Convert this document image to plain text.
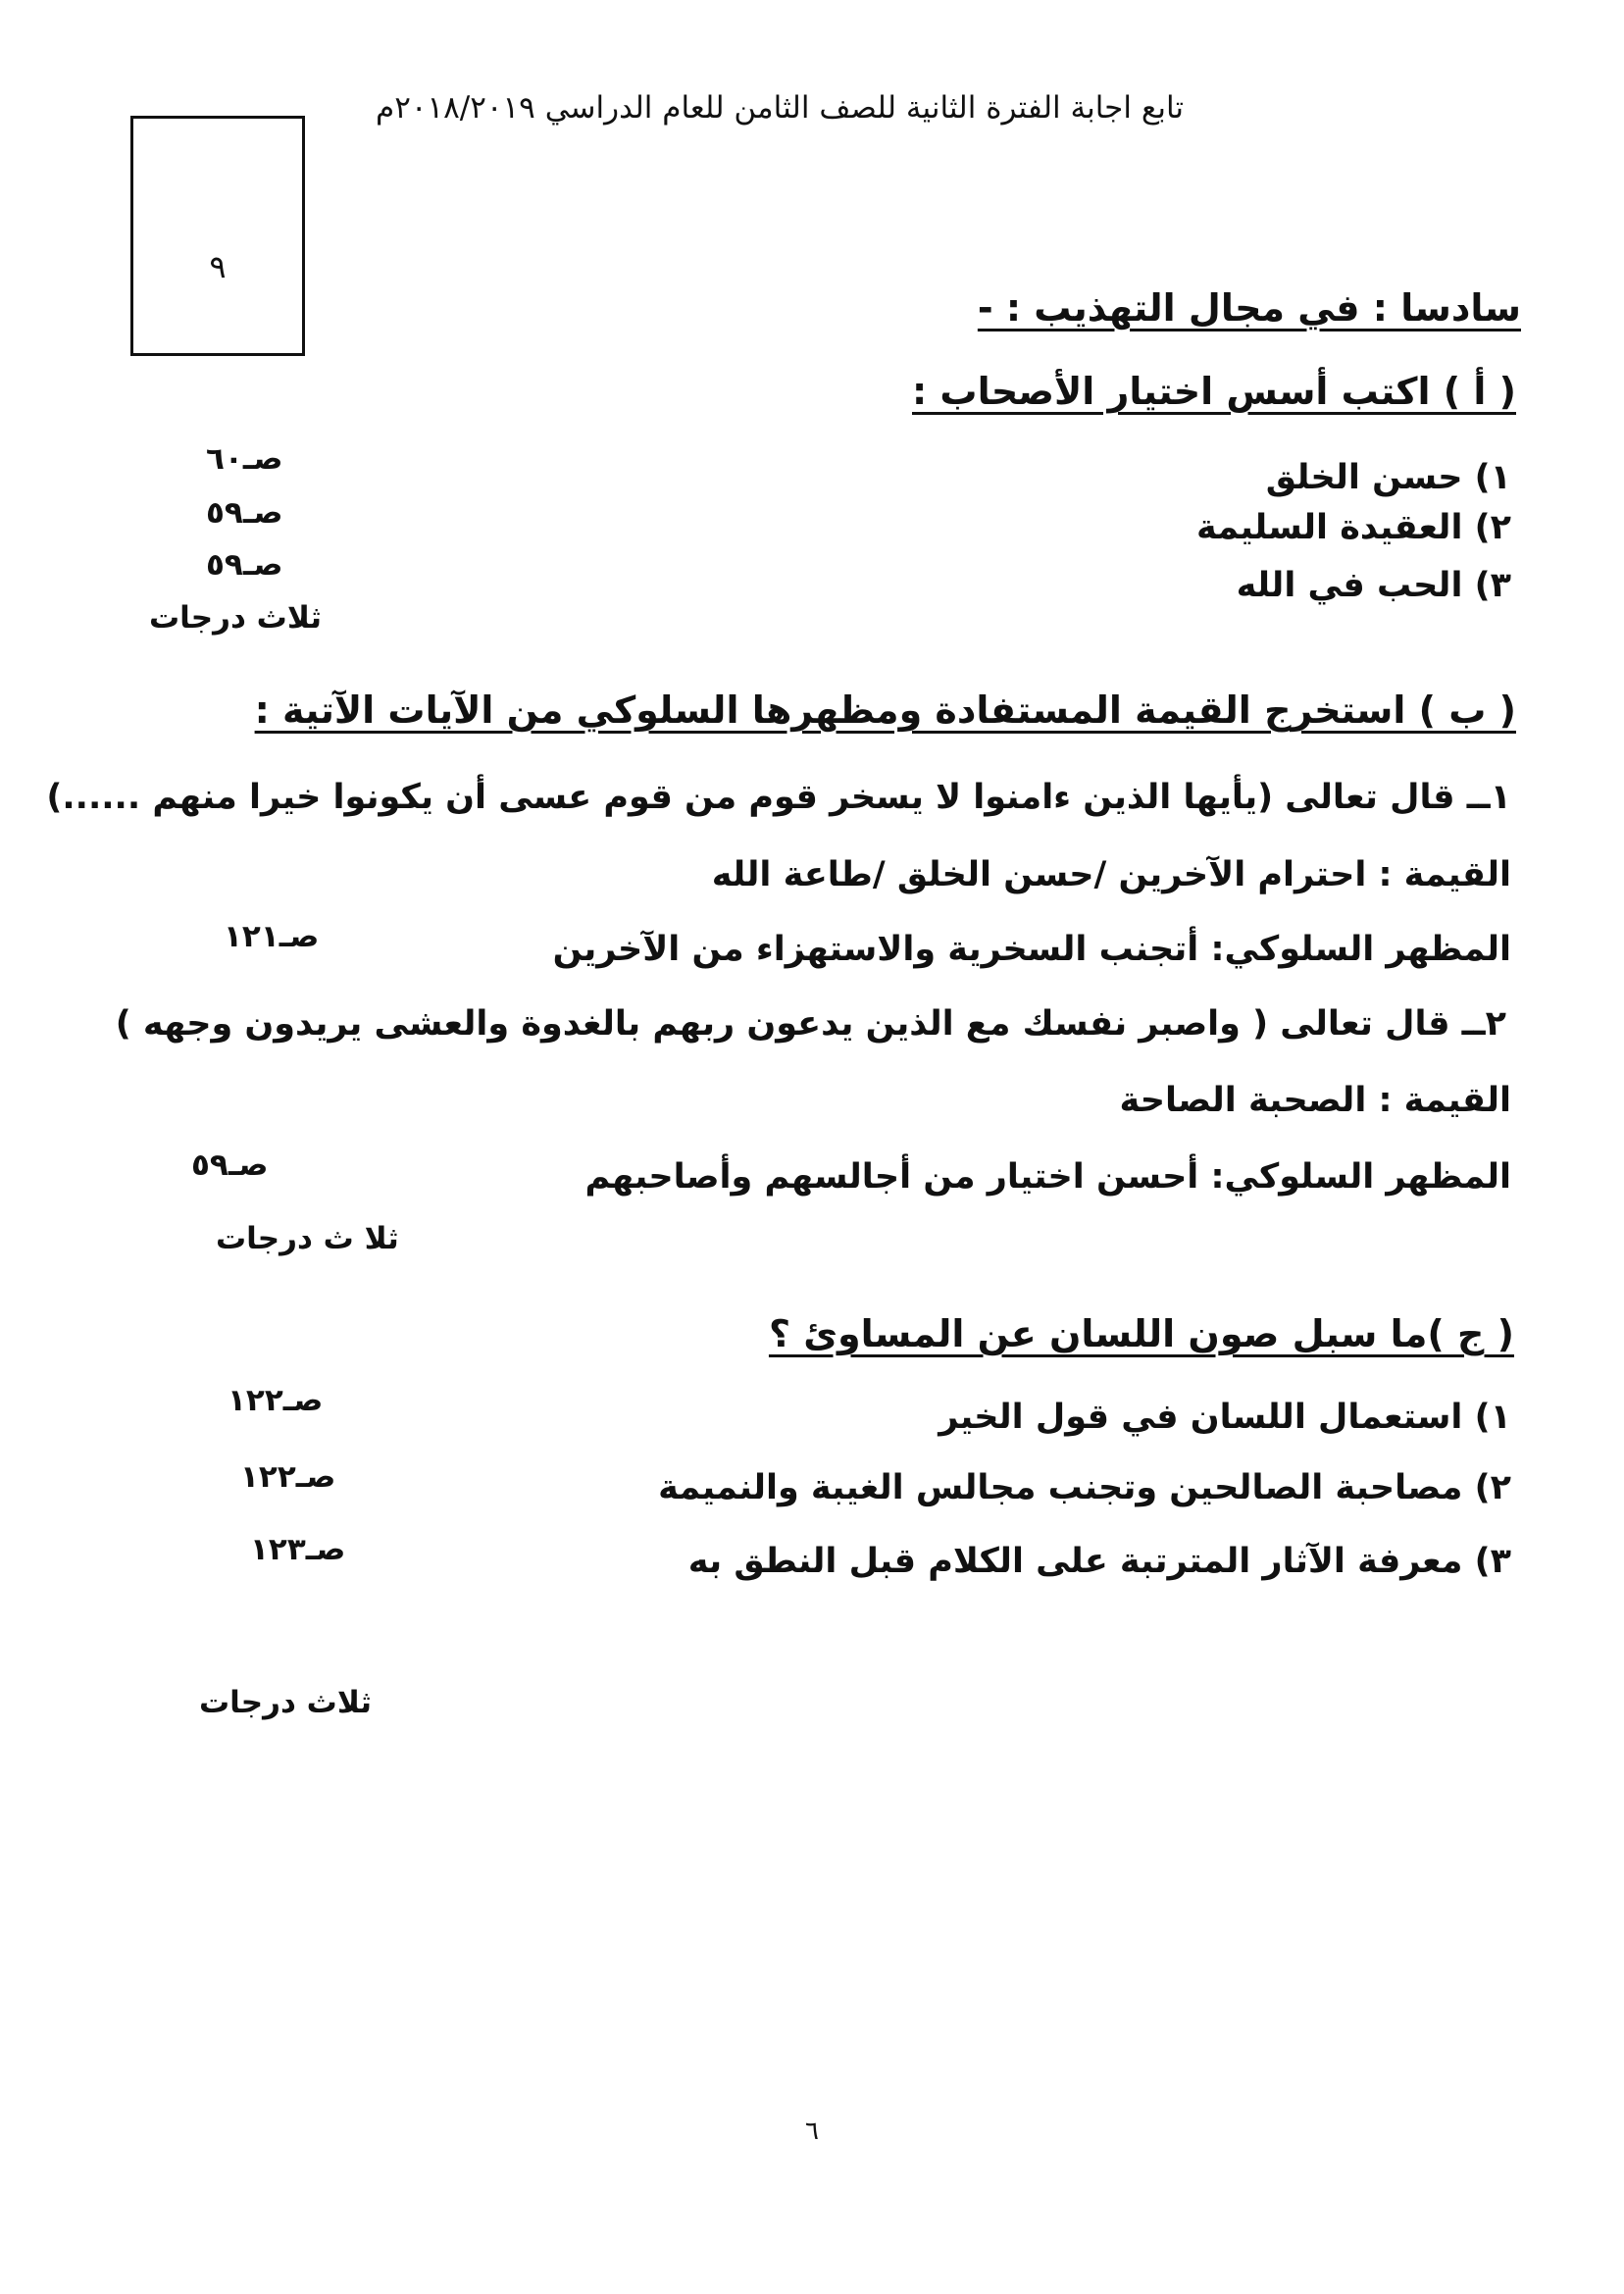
تابع اجابة الفترة الثانية للصف الثامن للعام الدراسي ٢٠١٨/٢٠١٩م
٩
سادسا : في مجال التهذيب : -
( أ ) اكتب أسس اختيار الأصحاب :
١) حسن الخلق
٢) العقيدة السليمة
٣) الحب في الله
صـ٦٠
صـ٥٩
صـ٥٩
ثلاث درجات
( ب ) استخرج القيمة المستفادة ومظهرها السلوكي من الآيات الآتية :
١ــ قال تعالى (يأيها الذين ءامنوا لا يسخر قوم من قوم عسى أن يكونوا خيرا منهم ......)
القيمة : احترام الآخرين /حسن الخلق /طاعة الله
المظهر السلوكي: أتجنب السخرية والاستهزاء من الآخرين
صـ١٢١
٢ــ قال تعالى ( واصبر نفسك مع الذين يدعون ربهم بالغدوة والعشى يريدون وجهه )
القيمة : الصحبة الصاحة
المظهر السلوكي: أحسن اختيار من أجالسهم وأصاحبهم
صـ٥٩
ثلا ث درجات
( ج )ما سبل صون اللسان عن المساوئ ؟
١) استعمال اللسان في قول الخير
٢) مصاحبة الصالحين وتجنب مجالس الغيبة والنميمة
٣) معرفة الآثار المترتبة على الكلام قبل النطق به
صـ١٢٢
صـ١٢٢
صـ١٢٣
ثلاث درجات
٦
